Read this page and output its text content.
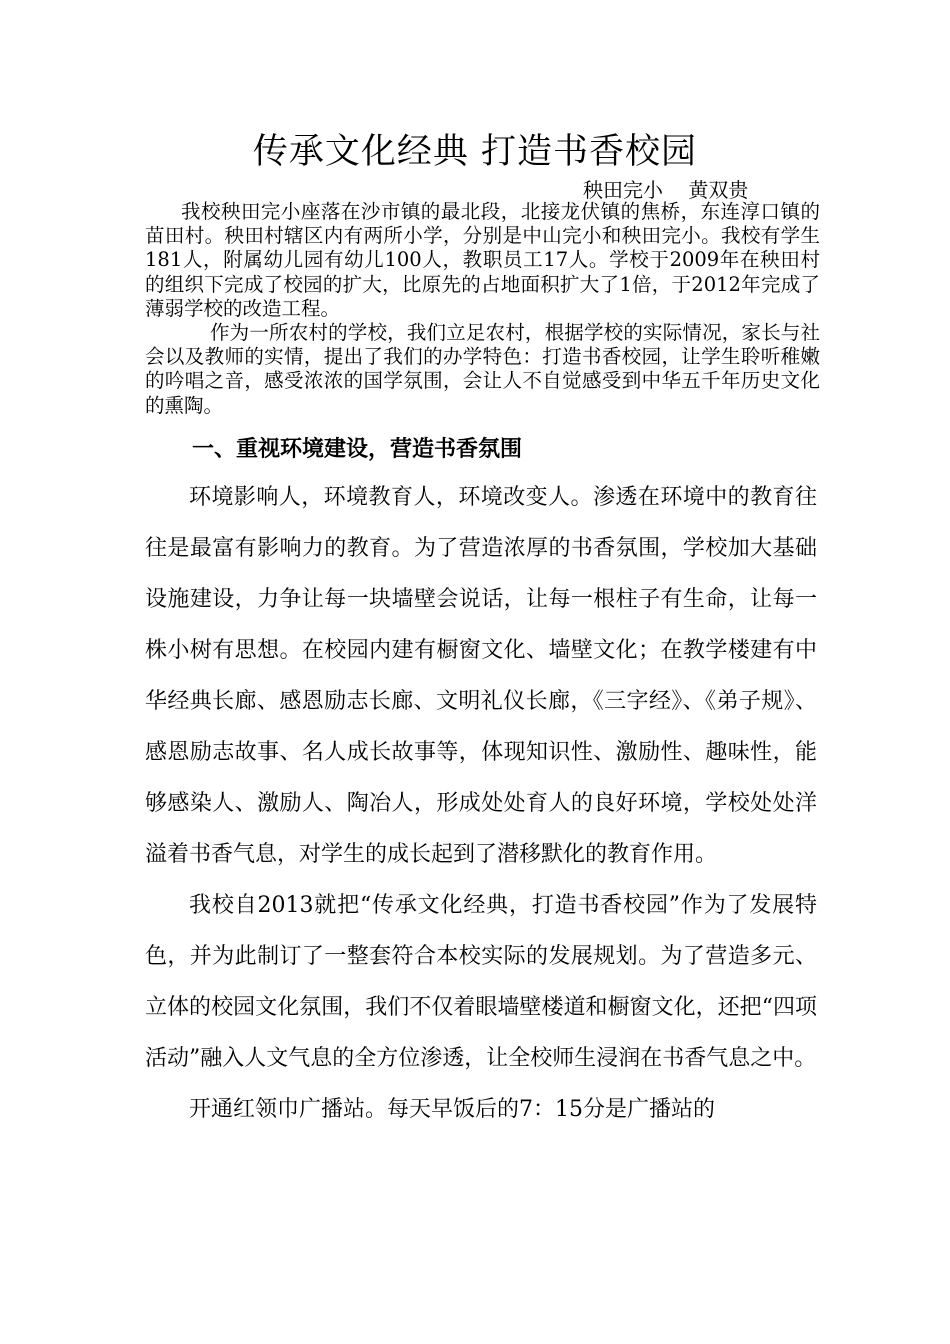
传承文化经典 打造书香校园
秧田完小    黄双贵

我校秧田完小座落在沙市镇的最北段，北接龙伏镇的焦桥，东连淳口镇的苗田村。秧田村辖区内有两所小学，分别是中山完小和秧田完小。我校有学生181人，附属幼儿园有幼儿100人，教职员工17人。学校于2009年在秧田村的组织下完成了校园的扩大，比原先的占地面积扩大了1倍，于2012年完成了薄弱学校的改造工程。

作为一所农村的学校，我们立足农村，根据学校的实际情况，家长与社会以及教师的实情，提出了我们的办学特色：打造书香校园，让学生聆听稚嫩的吟唱之音，感受浓浓的国学氛围，会让人不自觉感受到中华五千年历史文化的熏陶。

一、重视环境建设，营造书香氛围

环境影响人，环境教育人，环境改变人。渗透在环境中的教育往往是最富有影响力的教育。为了营造浓厚的书香氛围，学校加大基础设施建设，力争让每一块墙壁会说话，让每一根柱子有生命，让每一株小树有思想。在校园内建有橱窗文化、墙壁文化；在教学楼建有中华经典长廊、感恩励志长廊、文明礼仪长廊，《三字经》、《弟子规》、感恩励志故事、名人成长故事等，体现知识性、激励性、趣味性，能够感染人、激励人、陶冶人，形成处处育人的良好环境，学校处处洋溢着书香气息，对学生的成长起到了潜移默化的教育作用。

我校自2013就把“传承文化经典，打造书香校园”作为了发展特色，并为此制订了一整套符合本校实际的发展规划。为了营造多元、立体的校园文化氛围，我们不仅着眼墙壁楼道和橱窗文化，还把“四项活动”融入人文气息的全方位渗透，让全校师生浸润在书香气息之中。

开通红领巾广播站。每天早饭后的7：15分是广播站的
